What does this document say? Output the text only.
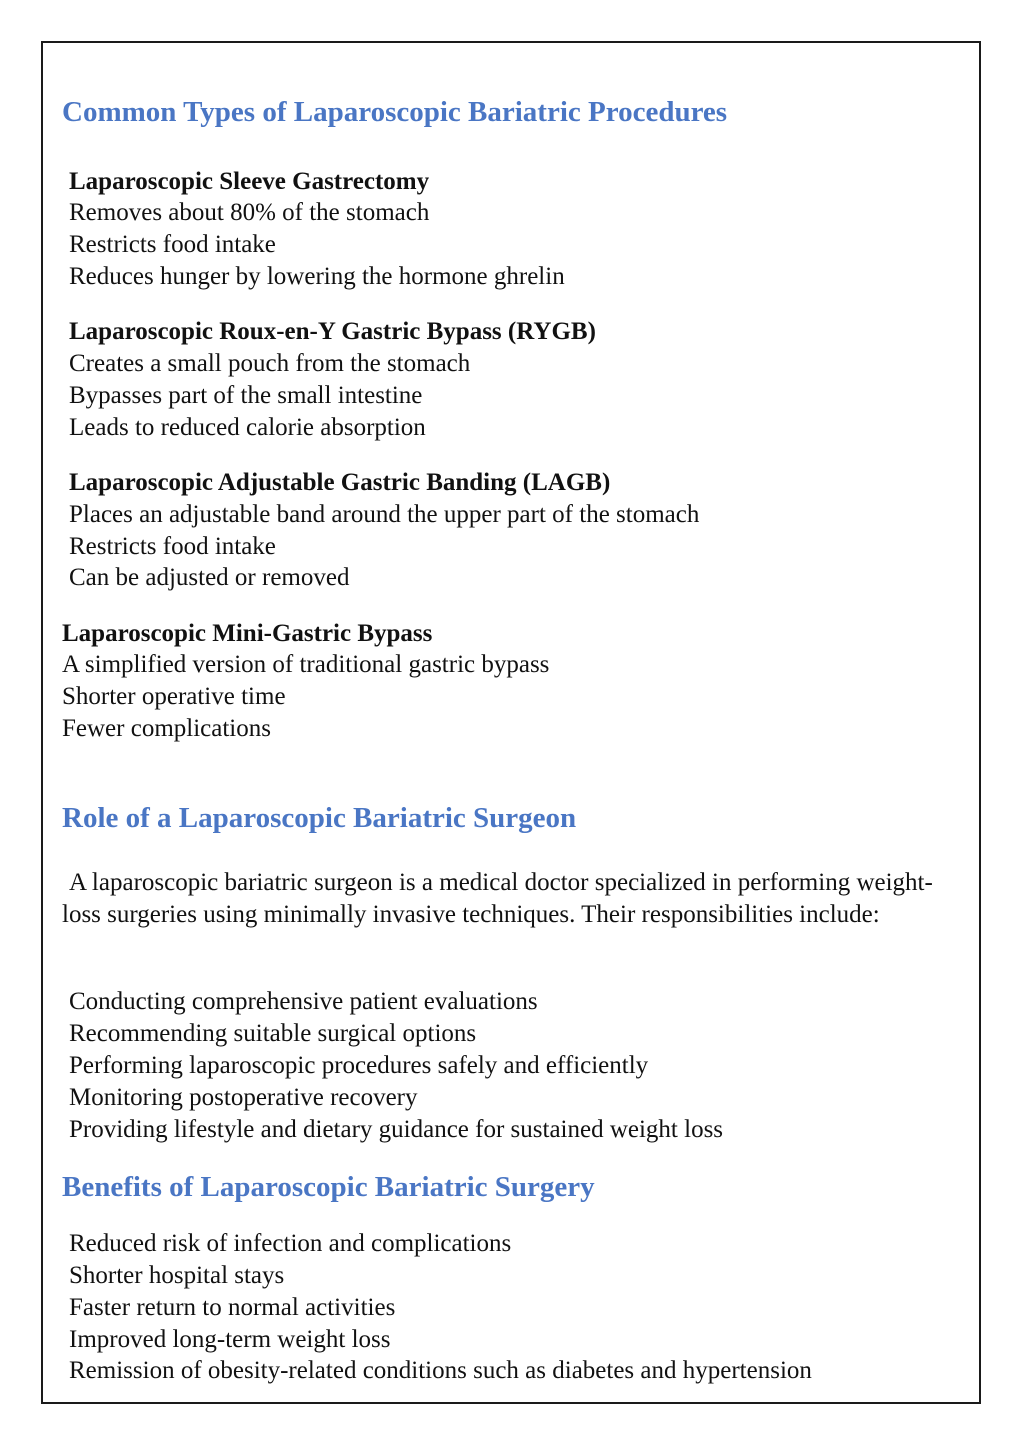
Common Types of Laparoscopic Bariatric Procedures
Laparoscopic Sleeve Gastrectomy
Removes about 80% of the stomach
Restricts food intake
Reduces hunger by lowering the hormone ghrelin
Laparoscopic Roux-en-Y Gastric Bypass (RYGB)
Creates a small pouch from the stomach
Bypasses part of the small intestine
Leads to reduced calorie absorption
Laparoscopic Adjustable Gastric Banding (LAGB)
Places an adjustable band around the upper part of the stomach
Restricts food intake
Can be adjusted or removed
Laparoscopic Mini-Gastric Bypass
A simplified version of traditional gastric bypass
Shorter operative time
Fewer complications
Role of a Laparoscopic Bariatric Surgeon

A laparoscopic bariatric surgeon is a medical doctor specialized in performing weight-loss surgeries using minimally invasive techniques. Their responsibilities include:

Conducting comprehensive patient evaluations
Recommending suitable surgical options
Performing laparoscopic procedures safely and efficiently
Monitoring postoperative recovery
Providing lifestyle and dietary guidance for sustained weight loss
Benefits of Laparoscopic Bariatric Surgery
Reduced risk of infection and complications
Shorter hospital stays
Faster return to normal activities
Improved long-term weight loss
Remission of obesity-related conditions such as diabetes and hypertension
